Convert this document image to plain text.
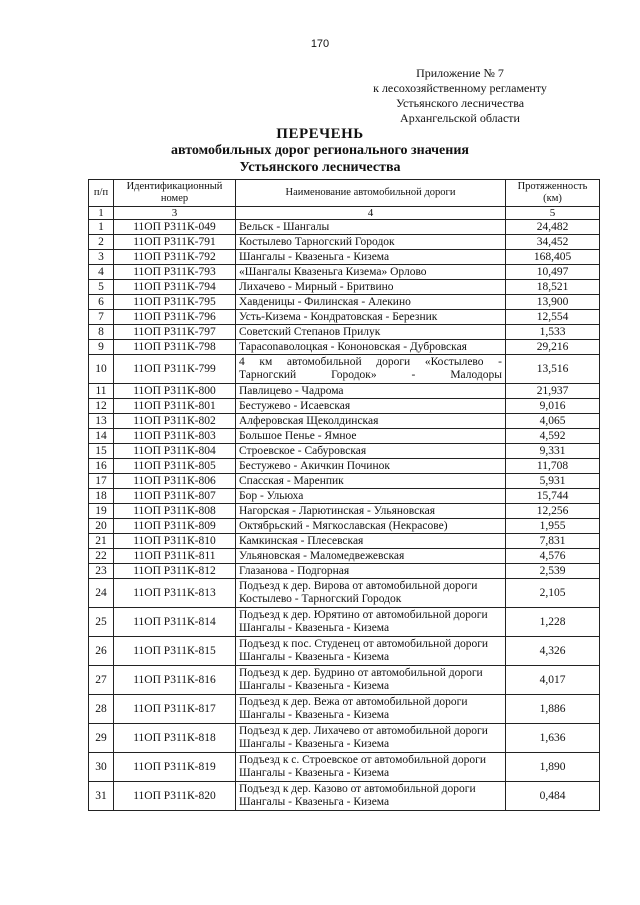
170
Приложение № 7
к лесохозяйственному регламенту
Устьянского лесничества
Архангельской области
ПЕРЕЧЕНЬ
автомобильных дорог регионального значения
Устьянского лесничества
п/п	Идентификационный номер	Наименование автомобильной дороги	Протяженность (км)
1	3	4	5
1	11ОП Р311К-049	Вельск - Шангалы	24,482
2	11ОП Р311К-791	Костылево Тарногский Городок	34,452
3	11ОП Р311К-792	Шангалы - Квазеньга - Кизема	168,405
4	11ОП Р311К-793	«Шангалы Квазеньга Кизема» Орлово	10,497
5	11ОП Р311К-794	Лихачево - Мирный - Бритвино	18,521
6	11ОП Р311К-795	Хавденицы - Филинская - Алекино	13,900
7	11ОП Р311К-796	Усть-Кизема - Кондратовская - Березник	12,554
8	11ОП Р311К-797	Советский Степанов Прилук	1,533
9	11ОП Р311К-798	Тарасоnаволоцкая - Кононовская - Дубровская	29,216
10	11ОП Р311К-799	4 км автомобильной дороги «Костылево - Тарногский Городок» - Малодоры	13,516
11	11ОП Р311К-800	Павлицево - Чадрома	21,937
12	11ОП Р311К-801	Бестужево - Исаевская	9,016
13	11ОП Р311К-802	Алферовская Щеколдинская	4,065
14	11ОП Р311К-803	Большое Пеньe - Ямное	4,592
15	11ОП Р311К-804	Строевское - Сабуровская	9,331
16	11ОП Р311К-805	Бестужево - Акичкин Починок	11,708
17	11ОП Р311К-806	Спасская - Маренпик	5,931
18	11ОП Р311К-807	Бор - Ульюха	15,744
19	11ОП Р311К-808	Нагорская - Ларютинская - Ульяновская	12,256
20	11ОП Р311К-809	Октябрьский - Мягкославская (Некрасове)	1,955
21	11ОП Р311К-810	Камкинская - Плесевская	7,831
22	11ОП Р311К-811	Ульяновская - Маломедвежевская	4,576
23	11ОП Р311К-812	Глазанова - Подгорная	2,539
24	11ОП Р311К-813	Подъезд к дер. Вирова от автомобильной дороги Костылево - Тарногский Городок	2,105
25	11ОП Р311К-814	Подъезд к дер. Юрятино от автомобильной дороги Шангалы - Квазеньга - Кизема	1,228
26	11ОП Р311К-815	Подъезд к пос. Студенец от автомобильной дороги Шангалы - Квазеньга - Кизема	4,326
27	11ОП Р311К-816	Подъезд к дер. Будрино от автомобильной дороги Шангалы - Квазеньга - Кизема	4,017
28	11ОП Р311К-817	Подъезд к дер. Вежа от автомобильной дороги Шангалы - Квазеньга - Кизема	1,886
29	11ОП Р311К-818	Подъезд к дер. Лихачево от автомобильной дороги Шангалы - Квазеньга - Кизема	1,636
30	11ОП Р311К-819	Подъезд к с. Строевское от автомобильной дороги Шангалы - Квазеньга - Кизема	1,890
31	11ОП Р311К-820	Подъезд к дер. Казово от автомобильной дороги Шангалы - Квазеньга - Кизема	0,484
